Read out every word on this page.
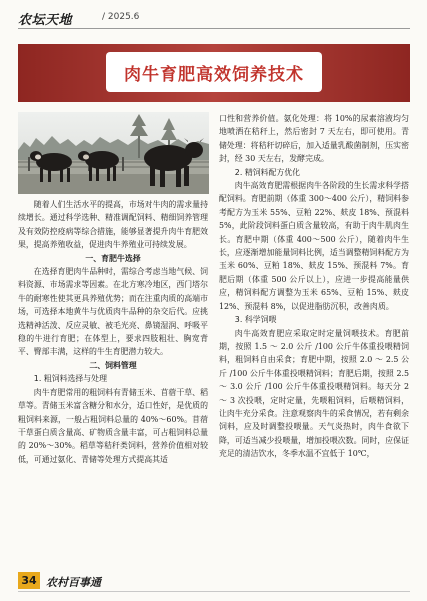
农坛天地	/ 2025.6
肉牛育肥高效饲养技术

随着人们生活水平的提高，市场对牛肉的需求量持续增长。通过科学选种、精准调配饲料、精细饲养管理及有效防控疫病等综合措施，能够显著提升肉牛育肥效果，提高养殖收益，促进肉牛养殖业可持续发展。

一、育肥牛选择

在选择育肥肉牛品种时，需综合考虑当地气候、饲料资源、市场需求等因素。在北方寒冷地区，西门塔尔牛的耐寒性使其更具养殖优势；而在注重肉质的高端市场，可选择本地黄牛与优质肉牛品种的杂交后代。应挑选精神活泼、反应灵敏、被毛光亮、鼻镜湿润、呼吸平稳的牛进行育肥；在体型上，要求四肢粗壮、胸宽背平、臀部丰满，这样的牛生育肥潜力较大。

二、饲料管理

1. 粗饲料选择与处理

肉牛育肥常用的粗饲料有青储玉米、苜蓿干草、稻草等。青储玉米富含糖分和水分，适口性好，是优质的粗饲料来源，一般占粗饲料总量的 40%～60%。苜蓿干草蛋白质含量高、矿物质含量丰富，可占粗饲料总量的 20%～30%。稻草等秸秆类饲料，营养价值相对较低，可通过氨化、青储等处理方式提高其适

口性和营养价值。氨化处理：将 10%的尿素溶液均匀地喷洒在秸秆上，然后密封 7 天左右，即可使用。青储处理：将秸秆切碎后，加入适量乳酸菌制剂，压实密封，经 30 天左右，发酵完成。

2. 精饲料配方优化

肉牛高效育肥需根据肉牛各阶段的生长需求科学搭配饲料。育肥前期（体重 300～400 公斤），精饲料参考配方为玉米 55%、豆粕 22%、麸皮 18%、预混料 5%，此阶段饲料蛋白质含量较高，有助于肉牛肌肉生长。育肥中期（体重 400～500 公斤），随着肉牛生长，应逐渐增加能量饲料比例，适当调整精饲料配方为玉米 60%、豆粕 18%、麸皮 15%、预混料 7%。育肥后期（体重 500 公斤以上），应进一步提高能量供应，精饲料配方调整为玉米 65%、豆粕 15%、麸皮 12%、预混料 8%，以促进脂肪沉积，改善肉质。

3. 科学饲喂

肉牛高效育肥应采取定时定量饲喂技术。育肥前期，按照 1.5 ～ 2.0 公斤 /100 公斤牛体重投喂精饲料，粗饲料自由采食；育肥中期，按照 2.0 ～ 2.5 公斤 /100 公斤牛体重投喂精饲料；育肥后期，按照 2.5 ～ 3.0 公斤 /100 公斤牛体重投喂精饲料。每天分 2 ～ 3 次投喂，定时定量，先喂粗饲料，后喂精饲料，让肉牛充分采食。注意观察肉牛的采食情况，若有剩余饲料，应及时调整投喂量。天气炎热时，肉牛食欲下降，可适当减少投喂量，增加投喂次数。同时，应保证充足的清洁饮水，冬季水温不宜低于 10℃，

34 农村百事通
